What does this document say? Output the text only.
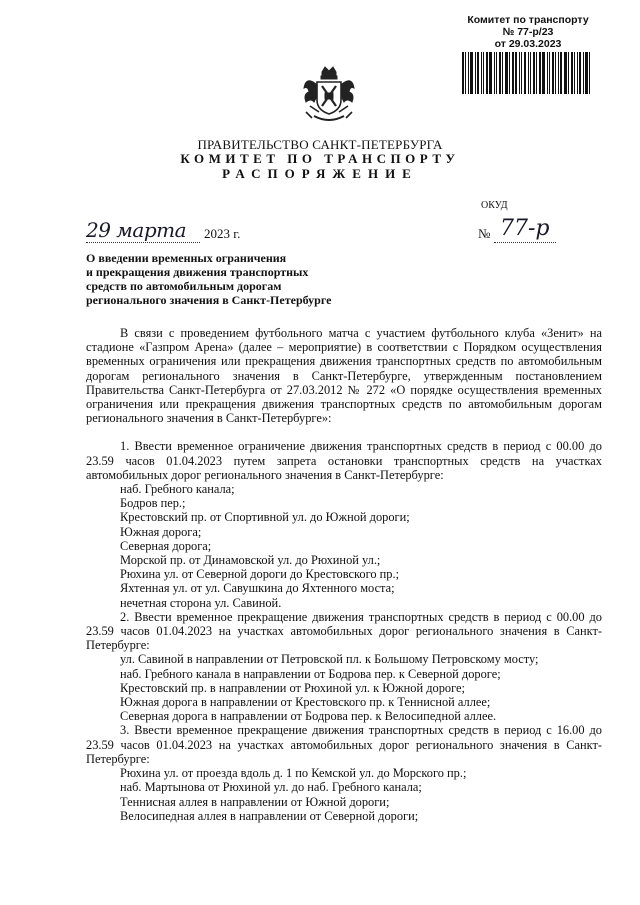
Комитет по транспорту
№ 77-р/23
от 29.03.2023
ПРАВИТЕЛЬСТВО САНКТ-ПЕТЕРБУРГА
КОМИТЕТ ПО ТРАНСПОРТУ
РАСПОРЯЖЕНИЕ
ОКУД
29 марта 2023 г.	№ 77-р
О введении временных ограничения
и прекращения движения транспортных
средств по автомобильным дорогам
регионального значения в Санкт-Петербурге

В связи с проведением футбольного матча с участием футбольного клуба «Зенит» на стадионе «Газпром Арена» (далее – мероприятие) в соответствии с Порядком осуществления временных ограничения или прекращения движения транспортных средств по автомобильным дорогам регионального значения в Санкт-Петербурге, утвержденным постановлением Правительства Санкт-Петербурга от 27.03.2012 № 272 «О порядке осуществления временных ограничения или прекращения движения транспортных средств по автомобильным дорогам регионального значения в Санкт-Петербурге»:

1. Ввести временное ограничение движения транспортных средств в период с 00.00 до 23.59 часов 01.04.2023 путем запрета остановки транспортных средств на участках автомобильных дорог регионального значения в Санкт-Петербурге:

наб. Гребного канала;
Бодров пер.;
Крестовский пр. от Спортивной ул. до Южной дороги;
Южная дорога;
Северная дорога;
Морской пр. от Динамовской ул. до Рюхиной ул.;
Рюхина ул. от Северной дороги до Крестовского пр.;
Яхтенная ул. от ул. Савушкина до Яхтенного моста;
нечетная сторона ул. Савиной.

2. Ввести временное прекращение движения транспортных средств в период с 00.00 до 23.59 часов 01.04.2023 на участках автомобильных дорог регионального значения в Санкт-Петербурге:

ул. Савиной в направлении от Петровской пл. к Большому Петровскому мосту;
наб. Гребного канала в направлении от Бодрова пер. к Северной дороге;
Крестовский пр. в направлении от Рюхиной ул. к Южной дороге;
Южная дорога в направлении от Крестовского пр. к Теннисной аллее;
Северная дорога в направлении от Бодрова пер. к Велосипедной аллее.

3. Ввести временное прекращение движения транспортных средств в период с 16.00 до 23.59 часов 01.04.2023 на участках автомобильных дорог регионального значения в Санкт-Петербурге:

Рюхина ул. от проезда вдоль д. 1 по Кемской ул. до Морского пр.;
наб. Мартынова от Рюхиной ул. до наб. Гребного канала;
Теннисная аллея в направлении от Южной дороги;
Велосипедная аллея в направлении от Северной дороги;
